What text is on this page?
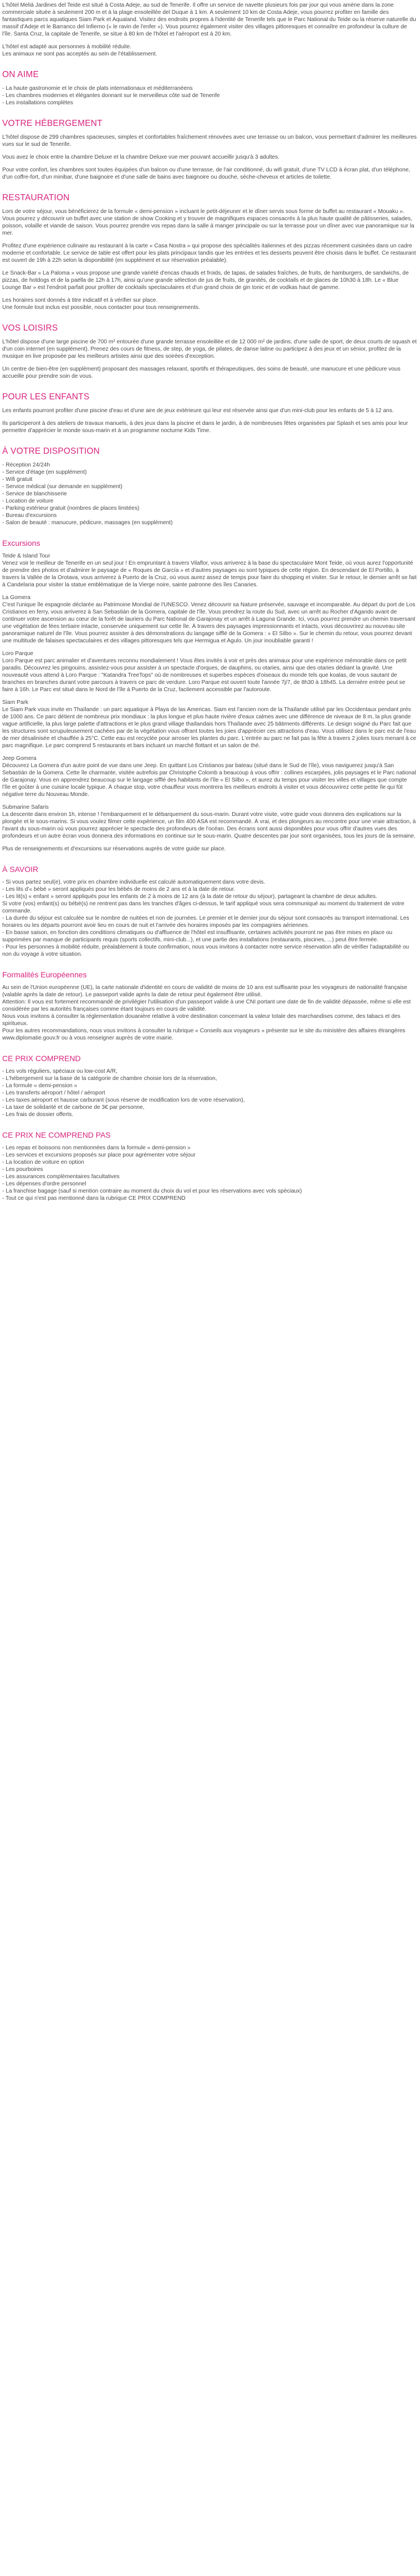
L'hôtel Meliá Jardines del Teide est situé à Costa Adeje, au sud de Tenerife. Il offre un service de navette plusieurs fois par jour qui vous amène dans la zone commerciale située à seulement 200 m et à la plage ensoleillée del Duque à 1 km. A seulement 10 km de Costa Adeje, vous pourrez profiter en famille des fantastiques parcs aquatiques Siam Park et Aqualand. Visitez des endroits propres à l'identité de Tenerife tels que le Parc National du Teide ou la réserve naturelle du massif d'Adeje et le Barranco del Infierno (« le ravin de l'enfer »). Vous pourrez également visiter des villages pittoresques et connaître en profondeur la culture de l'île. Santa Cruz, la capitale de Tenerife, se situe à 80 km de l'hôtel et l'aéroport est à 20 km.

L'hôtel est adapté aux personnes à mobilité réduite.
Les animaux ne sont pas acceptés au sein de l'établissement.

ON AIME
- La haute gastronomie et le choix de plats internationaux et méditerranéens
- Les chambres modernes et élégantes donnant sur le merveilleux côte sud de Tenerife
- Les installations complètes
VOTRE HÉBERGEMENT

L'hôtel dispose de 299 chambres spacieuses, simples et confortables fraîchement rénovées avec une terrasse ou un balcon, vous permettant d'admirer les meilleures vues sur le sud de Tenerife.

Vous avez le choix entre la chambre Deluxe et la chambre Deluxe vue mer pouvant accueillir jusqu'à 3 adultes.

Pour votre confort, les chambres sont toutes équipées d'un balcon ou d'une terrasse, de l'air conditionné, du wifi gratuit, d'une TV LCD à écran plat, d'un téléphone, d'un coffre-fort, d'un minibar, d'une baignoire et d'une salle de bains avec baignoire ou douche, sèche-cheveux et articles de toilette.

RESTAURATION

Lors de votre séjour, vous bénéficierez de la formule « demi-pension » incluant le petit-déjeuner et le dîner servis sous forme de buffet au restaurant « Mouaku ». Vous pourrez y découvrir un buffet avec une station de show Cooking et y trouver de magnifiques espaces consacrés à la plus haute qualité de pâtisseries, salades, poisson, volaille et viande de saison. Vous pourrez prendre vos repas dans la salle à manger principale ou sur la terrasse pour un dîner avec vue panoramique sur la mer.

Profitez d'une expérience culinaire au restaurant à la carte « Casa Nostra » qui propose des spécialités italiennes et des pizzas récemment cuisinées dans un cadre moderne et confortable. Le service de table est offert pour les plats principaux tandis que les entrées et les desserts peuvent être choisis dans le buffet. Ce restaurant est ouvert de 19h à 22h selon la disponibilité (en supplément et sur réservation préalable).

Le Snack-Bar « La Paloma » vous propose une grande variété d'encas chauds et froids, de tapas, de salades fraîches, de fruits, de hamburgers, de sandwichs, de pizzas, de hotdogs et de la paëlla de 12h à 17h, ainsi qu'une grande sélection de jus de fruits, de granités, de cocktails et de glaces de 10h30 à 18h. Le « Blue Lounge Bar » est l'endroit parfait pour profiter de cocktails spectaculaires et d'un grand choix de gin tonic et de vodkas haut de gamme.

Les horaires sont donnés à titre indicatif et à vérifier sur place.
Une formule tout inclus est possible, nous contacter pour tous renseignements.

VOS LOISIRS

L'hôtel dispose d'une large piscine de 700 m² entourée d'une grande terrasse ensoleillée et de 12 000 m² de jardins, d'une salle de sport, de deux courts de squash et d'un coin internet (en supplément). Prenez des cours de fitness, de step, de yoga, de pilates, de danse latine ou participez à des jeux et un sénior, profitez de la musique en live proposée par les meilleurs artistes ainsi que des soirées d'exception.

Un centre de bien-être (en supplément) proposant des massages relaxant, sportifs et thérapeutiques, des soins de beauté, une manucure et une pédicure vous accueille pour prendre soin de vous.

POUR LES ENFANTS

Les enfants pourront profiter d'une piscine d'eau et d'une aire de jeux extérieure qui leur est réservée ainsi que d'un mini-club pour les enfants de 5 à 12 ans.

Ils participeront à des ateliers de travaux manuels, à des jeux dans la piscine et dans le jardin, à de nombreuses fêtes organisées par Splash et ses amis pour leur permettre d'apprécier le monde sous-marin et à un programme nocturne Kids Time.

À VOTRE DISPOSITION
- Réception 24/24h
- Service d'étage (en supplément)
- Wifi gratuit
- Service médical (sur demande en supplément)
- Service de blanchisserie
- Location de voiture
- Parking extérieur gratuit (nombres de places limitées)
- Bureau d'excursions
- Salon de beauté : manucure, pédicure, massages (en supplément)
Excursions
Teide & Island Tour
Venez voir le meilleur de Tenerife en un seul jour ! En empruntant à travers Vilaflor, vous arriverez à la base du spectaculaire Mont Teide, où vous aurez l'opportunité de prendre des photos et d'admirer le paysage de « Roques de García » et d'autres paysages ou sont typiques de cette région. En descendant de El Portillo, à travers la Vallée de la Orotava, vous arriverez à Puerto de la Cruz, où vous aurez assez de temps pour faire du shopping et visiter. Sur le retour, le dernier arrêt se fait à Candelaria pour visiter la statue emblématique de la Vierge noire, sainte patronne des îles Canaries.
La Gomera
C'est l'unique île espagnole déclarée au Patrimoine Mondial de l'UNESCO. Venez découvrir sa Nature préservée, sauvage et incomparable. Au départ du port de Los Cristianos en ferry, vous arriverez à San Sebastián de la Gomera, capitale de l'île. Vous prendrez la route du Sud, avec un arrêt au Rocher d'Agando avant de continuer votre ascension au cœur de la forêt de lauriers du Parc National de Garajonay et un arrêt à Laguna Grande. Ici, vous pourrez prendre un chemin traversant une végétation de fées tertiaire intacte, conservée uniquement sur cette île. À travers des paysages impressionnants et intacts, vous découvrirez au nouveau site panoramique naturel de l'île. Vous pourrez assister à des démonstrations du langage sifflé de la Gomera : « El Silbo ». Sur le chemin du retour, vous pourrez devant une multitude de falaises spectaculaires et des villages pittoresques tels que Hermigua et Agulo. Un jour inoubliable garanti !
Loro Parque
Loro Parque est parc animalier et d'aventures reconnu mondialement ! Vous êtes invités à voir et près des animaux pour une expérience mémorable dans ce petit paradis. Découvrez les pingouins, assistez-vous pour assister à un spectacle d'orques, de dauphins, ou otaries, ainsi que des otaries dédiant la gravité. Une nouveauté vous attend à Loro Parque : "Katandra TreeTops" où de nombreuses et superbes espèces d'oiseaux du monde tels que koalas, de vous sautant de branches en branches durant votre parcours à travers ce parc de verdure. Loro Parque est ouvert toute l'année 7j/7, de 8h30 à 18h45. La dernière entrée peut se faire à 16h. Le Parc est situé dans le Nord de l'île à Puerto de la Cruz, facilement accessible par l'autoroute.
Siam Park
Le Siam Park vous invite en Thaïlande : un parc aquatique à Playa de las Americas. Siam est l'ancien nom de la Thaïlande utilisé par les Occidentaux pendant près de 1000 ans. Ce parc détient de nombreux prix mondiaux : la plus longue et plus haute rivière d'eaux calmes avec une différence de niveaux de 8 m, la plus grande vague artificielle, la plus large palette d'attractions et le plus grand village thaïlandais hors Thaïlande avec 25 bâtiments différents. Le design soigné du Parc fait que les structures sont scrupuleusement cachées par de la végétation vous offrant toutes les joies d'apprécier ces attractions d'eau. Vous utilisez dans le parc est de l'eau de mer désalinisée et chauffée à 25°C. Cette eau est recyclée pour arroser les plantes du parc. L'entrée au parc ne fait pas la fête à travers 2 jolies tours menant à ce parc magnifique. Le parc comprend 5 restaurants et bars incluant un marché flottant et un salon de thé.
Jeep Gomera
Découvrez La Gomera d'un autre point de vue dans une Jeep. En quittant Los Cristianos par bateau (situé dans le Sud de l'île), vous naviguerez jusqu'à San Sebastián de la Gomera. Cette île charmante, visitée autrefois par Christophe Colomb a beaucoup à vous offrir : collines escarpées, jolis paysages et le Parc national de Garajonay. Vous en apprendrez beaucoup sur le langage sifflé des habitants de l'île « El Silbo », et aurez du temps pour visiter les villes et villages que compte l'île et goûter à une cuisine locale typique. À chaque stop, votre chauffeur vous montrera les meilleurs endroits à visiter et vous découvrirez cette petite île qui fût négative terre du Nouveau Monde.
Submarine Safaris
La descente dans environ 1h, intense ! l'embarquement et le débarquement du sous-marin. Durant votre visite, votre guide vous donnera des explications sur la plongée et le sous-marins. Si vous voulez filmer cette expérience, un film 400 ASA est recommandé. À vrai, et des plongeurs au rencontre pour une vraie attraction, à l'avant du sous-marin où vous pourrez apprécier le spectacle des profondeurs de l'océan. Des écrans sont aussi disponibles pour vous offrir d'autres vues des profondeurs et un autre écran vous donnera des informations en continue sur le sous-marin. Quatre descentes par jour sont organisées, tous les jours de la semaine.

Plus de renseignements et d'excursions sur réservations auprès de votre guide sur place.

À SAVOIR
- Si vous partez seul(e), votre prix en chambre individuelle est calculé automatiquement dans votre devis.
- Les lits d'« bébé » seront appliqués pour les bébés de moins de 2 ans et à la date de retour.
- Les lit(s) « enfant » seront appliqués pour les enfants de 2 à moins de 12 ans (à la date de retour du séjour), partageant la chambre de deux adultes.
Si votre (vos) enfant(s) ou bébé(s) ne rentrent pas dans les tranches d'âges ci-dessus, le tarif appliqué vous sera communiqué au moment du traitement de votre commande.
- La durée du séjour est calculée sur le nombre de nuitées et non de journées. Le premier et le dernier jour du séjour sont consacrés au transport international. Les horaires ou les départs pourront avoir lieu en cours de nuit et l'arrivée des horaires imposés par les compagnies aériennes.
- En basse saison, en fonction des conditions climatiques ou d'affluence de l'hôtel est insuffisante, certaines activités pourront ne pas être mises en place ou supprimées par manque de participants requis (sports collectifs, mini-club...), et une partie des installations (restaurants, piscines, ...) peut être fermée.
- Pour les personnes à mobilité réduite, préalablement à toute confirmation, nous vous invitons à contacter notre service réservation afin de vérifier l'adaptabilité ou non du voyage à votre situation.
Formalités Européennes

Au sein de l'Union européenne (UE), la carte nationale d'identité en cours de validité de moins de 10 ans est suffisante pour les voyageurs de nationalité française (valable après la date de retour). Le passeport valide après la date de retour peut également être utilisé.
Attention: Il vous est fortement recommandé de privilégier l'utilisation d'un passeport valide à une CNI portant une date de fin de validité dépassée, même si elle est considérée par les autorités françaises comme étant toujours en cours de validité.
Nous vous invitons à consulter la réglementation douanière relative à votre destination concernant la valeur totale des marchandises comme, des tabacs et des spiritueux.
Pour les autres recommandations, nous vous invitons à consulter la rubrique « Conseils aux voyageurs » présente sur le site du ministère des affaires étrangères www.diplomatie.gouv.fr ou à vous renseigner auprès de votre mairie.

CE PRIX COMPREND
- Les vols réguliers, spéciaux ou low-cost A/R,
- L'hébergement sur la base de la catégorie de chambre choisie lors de la réservation,
- La formule « demi-pension »
- Les transferts aéroport / hôtel / aéroport
- Les taxes aéroport et hausse carburant (sous réserve de modification lors de votre réservation),
- La taxe de solidarité et de carbone de 3€ par personne,
- Les frais de dossier offerts.
CE PRIX NE COMPREND PAS
- Les repas et boissons non mentionnées dans la formule « demi-pension »
- Les services et excursions proposés sur place pour agrémenter votre séjour
- La location de voiture en option
- Les pourboires
- Les assurances complémentaires facultatives
- Les dépenses d'ordre personnel
- La franchise bagage (sauf si mention contraire au moment du choix du vol et pour les réservations avec vols spéciaux)
- Tout ce qui n'est pas mentionné dans la rubrique CE PRIX COMPREND
